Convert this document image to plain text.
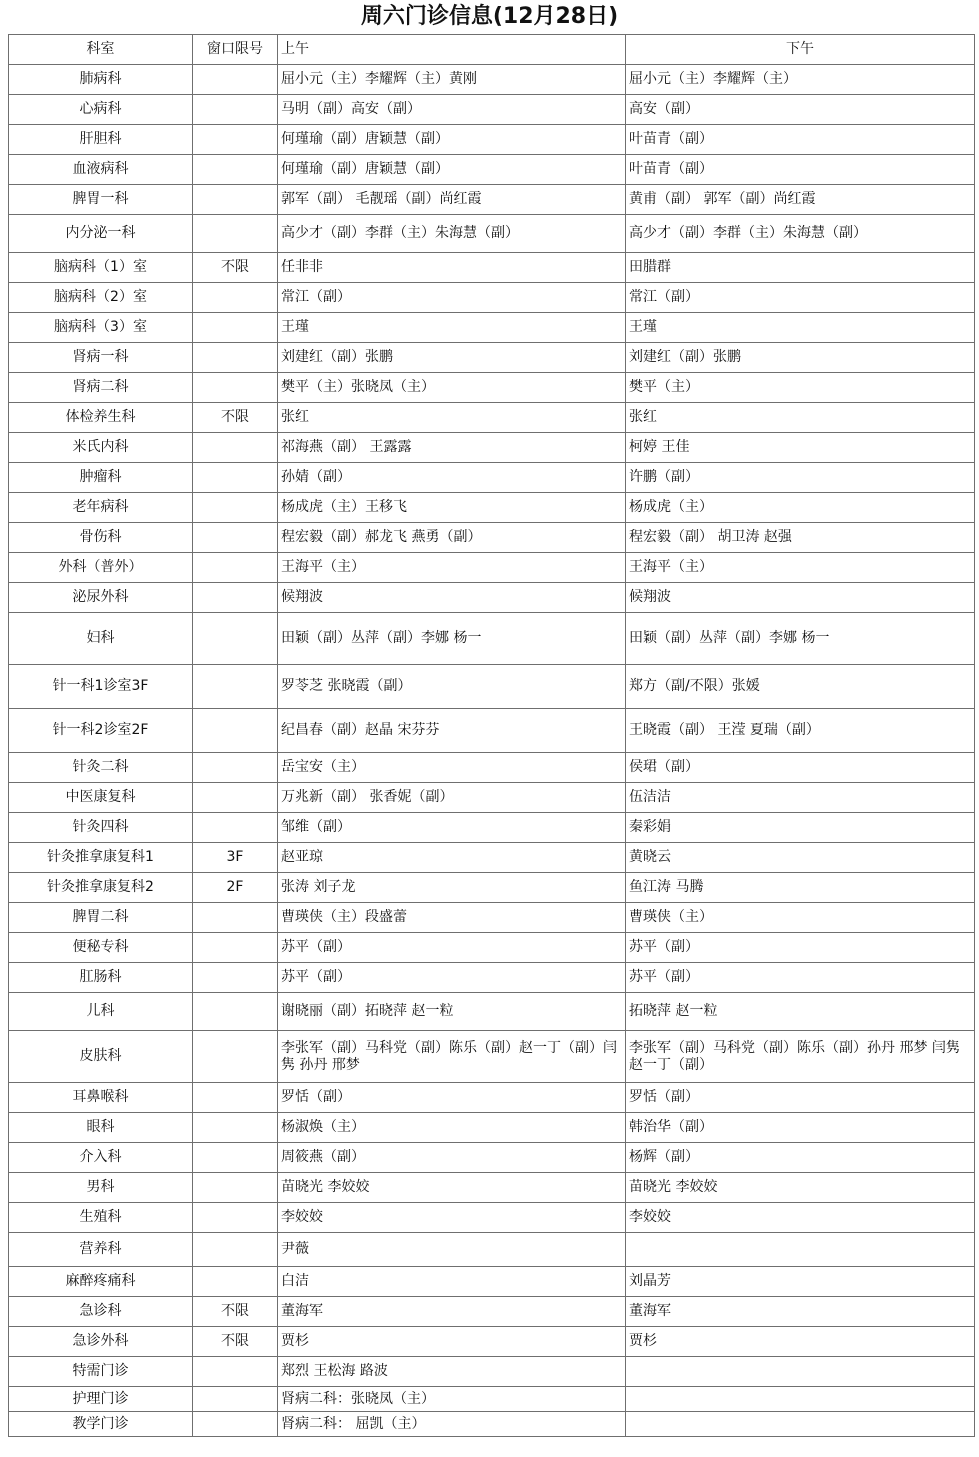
周六门诊信息(12月28日)
科室	窗口限号	上午	下午
肺病科		屈小元（主）李耀辉（主）黄刚	屈小元（主）李耀辉（主）
心病科		马明（副）高安（副）	高安（副）
肝胆科		何瑾瑜（副）唐颖慧（副）	叶苗青（副）
血液病科		何瑾瑜（副）唐颖慧（副）	叶苗青（副）
脾胃一科		郭军（副） 毛靓瑶（副）尚红霞	黄甫（副） 郭军（副）尚红霞
内分泌一科		高少才（副）李群（主）朱海慧（副）	高少才（副）李群（主）朱海慧（副）
脑病科（1）室	不限	任非非	田腊群
脑病科（2）室		常江（副）	常江（副）
脑病科（3）室		王瑾	王瑾
肾病一科		刘建红（副）张鹏	刘建红（副）张鹏
肾病二科		樊平（主）张晓凤（主）	樊平（主）
体检养生科	不限	张红	张红
米氏内科		祁海燕（副） 王露露	柯婷 王佳
肿瘤科		孙婧（副）	许鹏（副）
老年病科		杨成虎（主）王移飞	杨成虎（主）
骨伤科		程宏毅（副）郝龙飞 燕勇（副）	程宏毅（副） 胡卫涛 赵强
外科（普外）		王海平（主）	王海平（主）
泌尿外科		候翔波	候翔波
妇科		田颖（副）丛萍（副）李娜 杨一	田颖（副）丛萍（副）李娜 杨一
针一科1诊室3F		罗苓芝 张晓霞（副）	郑方（副/不限）张媛
针一科2诊室2F		纪昌春（副）赵晶 宋芬芬	王晓霞（副） 王滢 夏瑞（副）
针灸二科		岳宝安（主）	侯珺（副）
中医康复科		万兆新（副） 张香妮（副）	伍洁洁
针灸四科		邹维（副）	秦彩娟
针灸推拿康复科1	3F	赵亚琼	黄晓云
针灸推拿康复科2	2F	张涛 刘子龙	鱼江涛 马腾
脾胃二科		曹瑛侠（主）段盛蕾	曹瑛侠（主）
便秘专科		苏平（副）	苏平（副）
肛肠科		苏平（副）	苏平（副）
儿科		谢晓丽（副）拓晓萍 赵一粒	拓晓萍 赵一粒
皮肤科		李张军（副）马科党（副）陈乐（副）赵一丁（副）闫隽 孙丹 邢梦	李张军（副）马科党（副）陈乐（副）孙丹 邢梦 闫隽 赵一丁（副）
耳鼻喉科		罗恬（副）	罗恬（副）
眼科		杨淑焕（主）	韩治华（副）
介入科		周筱燕（副）	杨辉（副）
男科		苗晓光 李姣姣	苗晓光 李姣姣
生殖科		李姣姣	李姣姣
营养科		尹薇	
麻醉疼痛科		白洁	刘晶芳
急诊科	不限	董海军	董海军
急诊外科	不限	贾杉	贾杉
特需门诊		郑烈 王松海 路波	
护理门诊		肾病二科：张晓凤（主）	
教学门诊		肾病二科： 屈凯（主）	
